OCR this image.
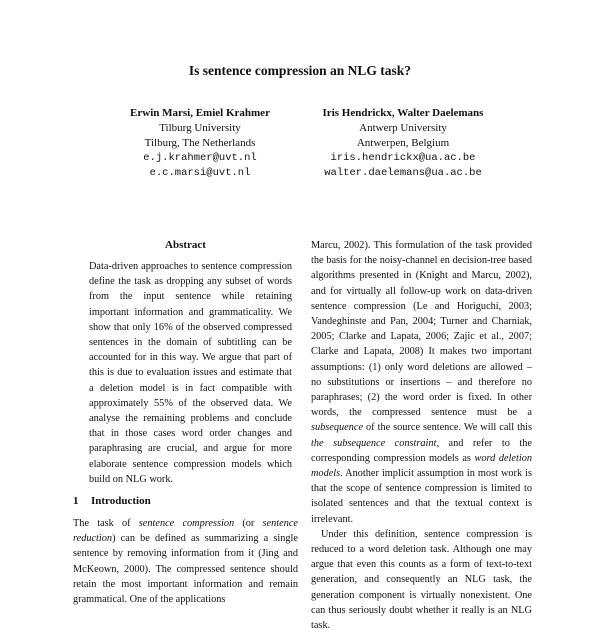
Is sentence compression an NLG task?
Erwin Marsi, Emiel Krahmer
Tilburg University
Tilburg, The Netherlands
e.j.krahmer@uvt.nl
e.c.marsi@uvt.nl
Iris Hendrickx, Walter Daelemans
Antwerp University
Antwerpen, Belgium
iris.hendrickx@ua.ac.be
walter.daelemans@ua.ac.be
Abstract

Data-driven approaches to sentence compression define the task as dropping any subset of words from the input sentence while retaining important information and grammaticality. We show that only 16% of the observed compressed sentences in the domain of subtitling can be accounted for in this way. We argue that part of this is due to evaluation issues and estimate that a deletion model is in fact compatible with approximately 55% of the observed data. We analyse the remaining problems and conclude that in those cases word order changes and paraphrasing are crucial, and argue for more elaborate sentence compression models which build on NLG work.

1 Introduction

The task of sentence compression (or sentence reduction) can be defined as summarizing a single sentence by removing information from it (Jing and McKeown, 2000). The compressed sentence should retain the most important information and remain grammatical. One of the applications

Marcu, 2002). This formulation of the task provided the basis for the noisy-channel en decision-tree based algorithms presented in (Knight and Marcu, 2002), and for virtually all follow-up work on data-driven sentence compression (Le and Horiguchi, 2003; Vandeghinste and Pan, 2004; Turner and Charniak, 2005; Clarke and Lapata, 2006; Zajic et al., 2007; Clarke and Lapata, 2008) It makes two important assumptions: (1) only word deletions are allowed – no substitutions or insertions – and therefore no paraphrases; (2) the word order is fixed. In other words, the compressed sentence must be a subsequence of the source sentence. We will call this the subsequence constraint, and refer to the corresponding compression models as word deletion models. Another implicit assumption in most work is that the scope of sentence compression is limited to isolated sentences and that the textual context is irrelevant.

Under this definition, sentence compression is reduced to a word deletion task. Although one may argue that even this counts as a form of text-to-text generation, and consequently an NLG task, the generation component is virtually nonexistent. One can thus seriously doubt whether it really is an NLG task.
